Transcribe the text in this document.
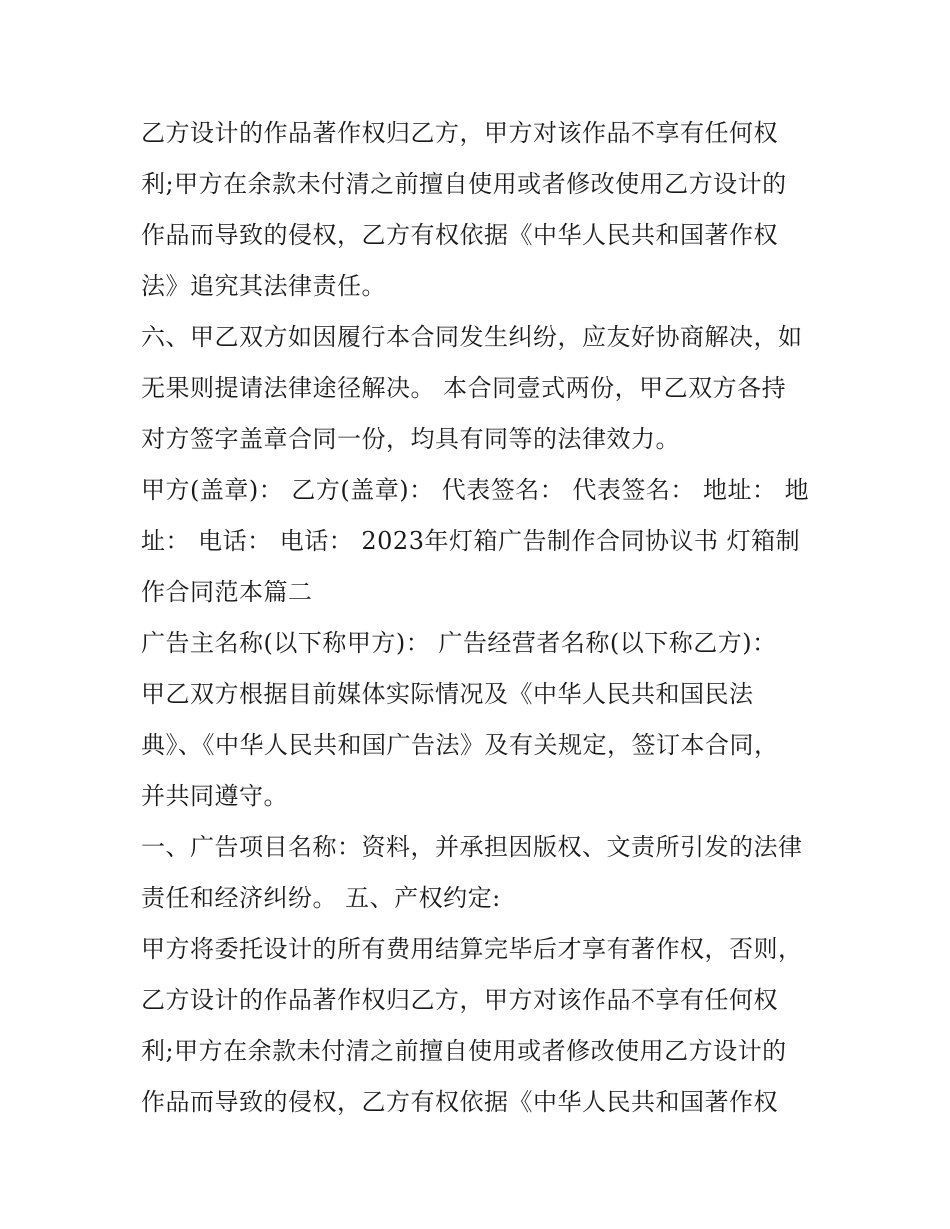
乙方设计的作品著作权归乙方，甲方对该作品不享有任何权
利;甲方在余款未付清之前擅自使用或者修改使用乙方设计的
作品而导致的侵权，乙方有权依据《中华人民共和国著作权
法》追究其法律责任。
六、甲乙双方如因履行本合同发生纠纷，应友好协商解决，如
无果则提请法律途径解决。 本合同壹式两份，甲乙双方各持
对方签字盖章合同一份，均具有同等的法律效力。
甲方(盖章)： 乙方(盖章)： 代表签名： 代表签名： 地址： 地
址： 电话： 电话： 2023年灯箱广告制作合同协议书 灯箱制
作合同范本篇二
广告主名称(以下称甲方)： 广告经营者名称(以下称乙方)：
甲乙双方根据目前媒体实际情况及《中华人民共和国民法
典》、《中华人民共和国广告法》及有关规定，签订本合同，
并共同遵守。
一、广告项目名称：资料，并承担因版权、文责所引发的法律
责任和经济纠纷。 五、产权约定:
甲方将委托设计的所有费用结算完毕后才享有著作权，否则，
乙方设计的作品著作权归乙方，甲方对该作品不享有任何权
利;甲方在余款未付清之前擅自使用或者修改使用乙方设计的
作品而导致的侵权，乙方有权依据《中华人民共和国著作权
